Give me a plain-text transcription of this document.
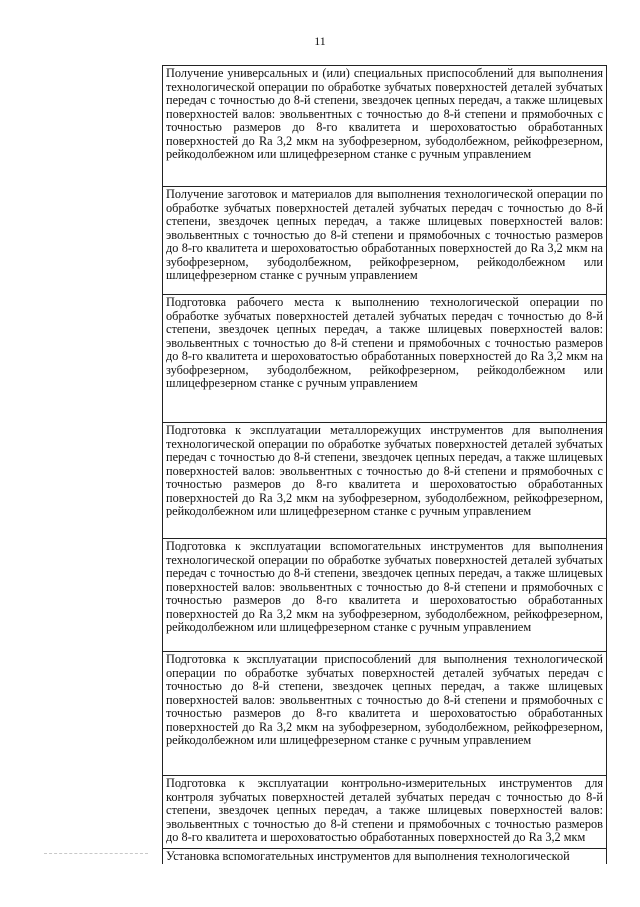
11

Получение универсальных и (или) специальных приспособлений для выполнения технологической операции по обработке зубчатых поверхностей деталей зубчатых передач с точностью до 8-й степени, звездочек цепных передач, а также шлицевых поверхностей валов: эвольвентных с точностью до 8-й степени и прямобочных с точностью размеров до 8-го квалитета и шероховатостью обработанных поверхностей до Ra 3,2 мкм на зубофрезерном, зубодолбежном, рейкофрезерном, рейкодолбежном или шлицефрезерном станке с ручным управлением

Получение заготовок и материалов для выполнения технологической операции по обработке зубчатых поверхностей деталей зубчатых передач с точностью до 8-й степени, звездочек цепных передач, а также шлицевых поверхностей валов: эвольвентных с точностью до 8-й степени и прямобочных с точностью размеров до 8-го квалитета и шероховатостью обработанных поверхностей до Ra 3,2 мкм на зубофрезерном, зубодолбежном, рейкофрезерном, рейкодолбежном или шлицефрезерном станке с ручным управлением

Подготовка рабочего места к выполнению технологической операции по обработке зубчатых поверхностей деталей зубчатых передач с точностью до 8-й степени, звездочек цепных передач, а также шлицевых поверхностей валов: эвольвентных с точностью до 8-й степени и прямобочных с точностью размеров до 8-го квалитета и шероховатостью обработанных поверхностей до Ra 3,2 мкм на зубофрезерном, зубодолбежном, рейкофрезерном, рейкодолбежном или шлицефрезерном станке с ручным управлением

Подготовка к эксплуатации металлорежущих инструментов для выполнения технологической операции по обработке зубчатых поверхностей деталей зубчатых передач с точностью до 8-й степени, звездочек цепных передач, а также шлицевых поверхностей валов: эвольвентных с точностью до 8-й степени и прямобочных с точностью размеров до 8-го квалитета и шероховатостью обработанных поверхностей до Ra 3,2 мкм на зубофрезерном, зубодолбежном, рейкофрезерном, рейкодолбежном или шлицефрезерном станке с ручным управлением

Подготовка к эксплуатации вспомогательных инструментов для выполнения технологической операции по обработке зубчатых поверхностей деталей зубчатых передач с точностью до 8-й степени, звездочек цепных передач, а также шлицевых поверхностей валов: эвольвентных с точностью до 8-й степени и прямобочных с точностью размеров до 8-го квалитета и шероховатостью обработанных поверхностей до Ra 3,2 мкм на зубофрезерном, зубодолбежном, рейкофрезерном, рейкодолбежном или шлицефрезерном станке с ручным управлением

Подготовка к эксплуатации приспособлений для выполнения технологической операции по обработке зубчатых поверхностей деталей зубчатых передач с точностью до 8-й степени, звездочек цепных передач, а также шлицевых поверхностей валов: эвольвентных с точностью до 8-й степени и прямобочных с точностью размеров до 8-го квалитета и шероховатостью обработанных поверхностей до Ra 3,2 мкм на зубофрезерном, зубодолбежном, рейкофрезерном, рейкодолбежном или шлицефрезерном станке с ручным управлением

Подготовка к эксплуатации контрольно-измерительных инструментов для контроля зубчатых поверхностей деталей зубчатых передач с точностью до 8-й степени, звездочек цепных передач, а также шлицевых поверхностей валов: эвольвентных с точностью до 8-й степени и прямобочных с точностью размеров до 8-го квалитета и шероховатостью обработанных поверхностей до Ra 3,2 мкм

Установка вспомогательных инструментов для выполнения технологической
